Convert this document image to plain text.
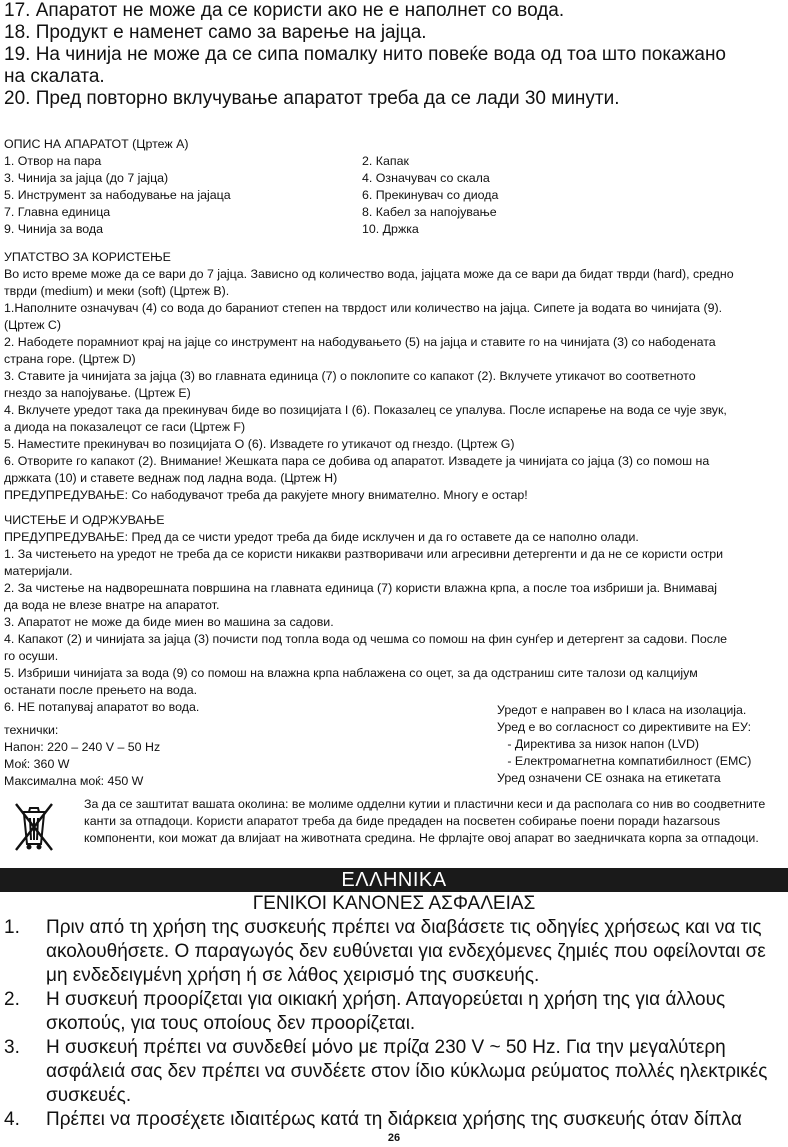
17. Апаратот не може да се користи ако не е наполнет со вода.

18. Продукт е наменет само за варење на јајца.

19. На чинија не може да се сипа помалку нито повеќе вода од тоа што покажано

на скалата.

20. Пред повторно вклучување апаратот треба да се лади 30 минути.

ОПИС НА АПАРАТОТ (Цртеж А)

1. Отвор на пара	2. Капак
3. Чинија за јајца (до 7 јајца)	4. Означувач со скала
5. Инструмент за нaбодување на јајаца	6. Прекинувач со диода
7. Главна единица	8. Кабел за напојување
9. Чинија за вода	10. Држка

УПАТСТВО ЗА КОРИСТЕЊЕ

Во исто време може да се вари до 7 јајца. Зависно од количество вода, јајцата може да се вари да бидат тврди (hard), средно

тврди (medium) и меки (soft) (Цртеж В).

1.Наполните означувач (4) со вода до бараниот степен на тврдост или количество на јајца. Сипете ја водата во чинијата (9).

(Цртеж С)

2. Набодете порамниот крај на јајце со инструмент на набодувањето (5) на јајца и ставите го на чинијата (3) со набодената

страна горе. (Цртеж D)

3. Ставите ја чинијата за јајца (3) во главната единица (7) о поклопите со капакот (2). Вклучете утикачот во соответното

гнездо за напојување. (Цртеж Е)

4. Вклучете уредот така да прекинувач биде во позицијата I (6). Показалец се упалува. После испарење на вода се чује звук,

а диода на показалецот се гаси (Цртеж F)

5. Наместите прекинувач во позицијата О (6). Извадете го утикачот од гнездо. (Цртеж G)

6. Отворите го капакот (2). Внимание! Жешката пара се добива од апаратот. Извадете ја чинијата со јајца (3) со помош на

држката (10) и ставете веднаж под ладна вода. (Цртеж Н)

ПРЕДУПРЕДУВАЊЕ: Со набодувачот треба да ракујете многу внимателно. Многу е остар!

ЧИСТЕЊЕ И ОДРЖУВАЊЕ

ПРЕДУПРЕДУВАЊЕ: Пред да се чисти уредот треба да биде исклучен и да го оставете да се наполно олади.

1. За чистењето на уредот не треба да се користи никакви разтворивачи или агресивни детергенти и да не се користи остри

материјали.

2. За чистење на надворешната површина на главната единица (7) користи влажна крпа, а после тоа избриши ја. Внимавај

да вода не влезе внатре на апаратот.

3. Апаратот не може да биде миен во машина за садови.

4. Капакот (2) и чинијата за јајца (3) почисти под топла вода од чешма со помош на фин сунѓер и детергент за садови. После

го осуши.

5. Избриши чинијата за вода (9) со помош на влажна крпа наблажена со оцет, за да одстраниш сите талози од калцијум

останати после прењето на вода.

6. НЕ потапувај апаратот во вода.

технички:

Напон: 220 – 240 V – 50 Hz

Моќ: 360 W

Максимална моќ: 450 W

Уредот е направен во I класа на изолација.

Уред е во согласност со директивите на ЕУ:

- Директива за низок напон (LVD)

- Електромагнетна компатибилност (EMC)

Уред означени CE ознака на етикетата

За да се заштитат вашата околина: ве молиме одделни кутии и пластични кеси и да располага со нив во соодветните канти за отпадоци. Користи апаратот треба да биде предаден на посветен собирање поени поради hazarsous компоненти, кои можат да влијаат на животната средина. Не фрлајте овој апарат во заедничката корпа за отпадоци.
ΕΛΛΗΝΙΚΑ
ΓΕΝΙΚΟΙ ΚΑΝΟΝΕΣ ΑΣΦΑΛΕΙΑΣ
1.	Πριν από τη χρήση της συσκευής πρέπει να διαβάσετε τις οδηγίες χρήσεως και να τις ακολουθήσετε. Ο παραγωγός δεν ευθύνεται για ενδεχόμενες ζημιές που οφείλονται σε μη ενδεδειγμένη χρήση ή σε λάθος χειρισμό της συσκευής.
2.	Η συσκευή προορίζεται για οικιακή χρήση. Απαγορεύεται η χρήση της για άλλους σκοπούς, για τους οποίους δεν προορίζεται.
3.	Η συσκευή πρέπει να συνδεθεί μόνο με πρίζα 230 V ~ 50 Hz. Για την μεγαλύτερη ασφάλειά σας δεν πρέπει να συνδέετε στον ίδιο κύκλωμα ρεύματος πολλές ηλεκτρικές συσκευές.
4.	Πρέπει να προσέχετε ιδιαιτέρως κατά τη διάρκεια χρήσης της συσκευής όταν δίπλα
26
